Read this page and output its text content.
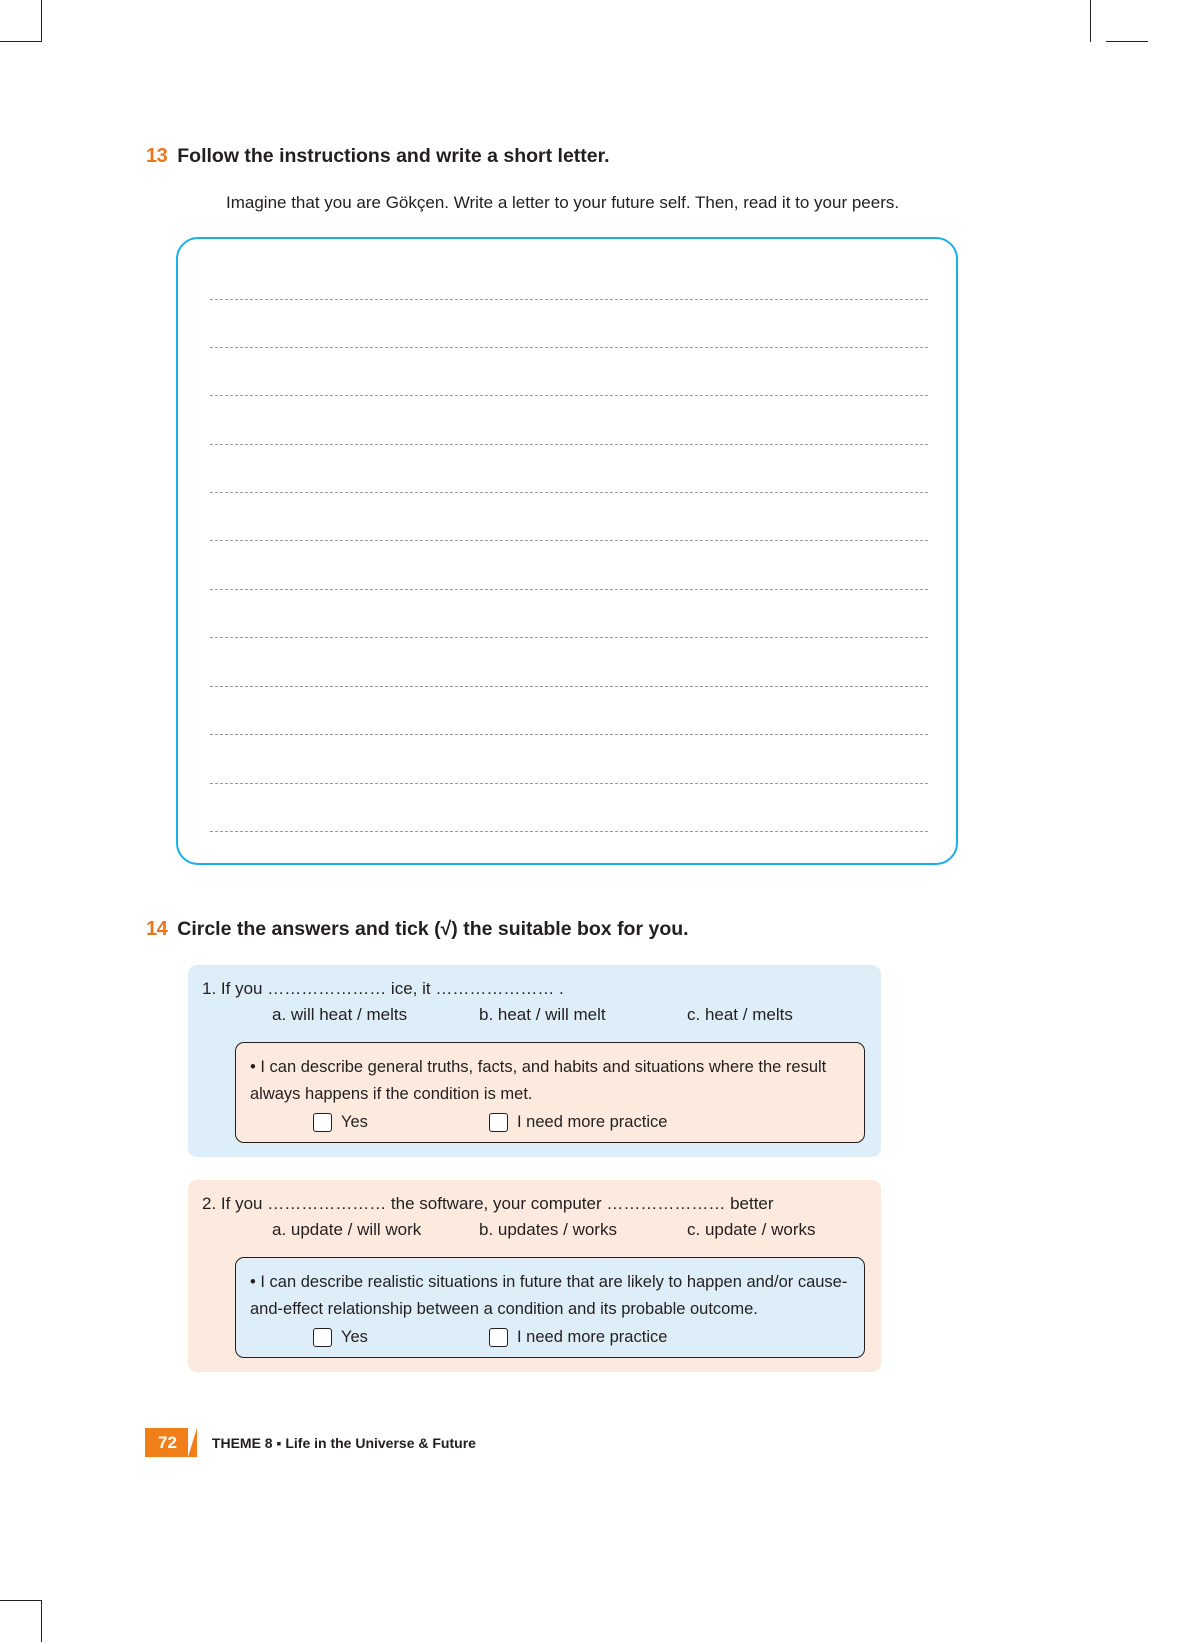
13 Follow the instructions and write a short letter.
Imagine that you are Gökçen. Write a letter to your future self. Then, read it to your peers.
14 Circle the answers and tick (√) the suitable box for you.
1. If you ………………… ice, it ………………… .
a. will heat / melts	b. heat / will melt	c. heat / melts
• I can describe general truths, facts, and habits and situations where the result always happens if the condition is met.
Yes	I need more practice
2. If you ………………… the software, your computer ………………… better
a. update / will work	b. updates / works	c. update / works
• I can describe realistic situations in future that are likely to happen and/or cause-and-effect relationship between a condition and its probable outcome.
Yes	I need more practice
72	THEME 8 ▪ Life in the Universe & Future
